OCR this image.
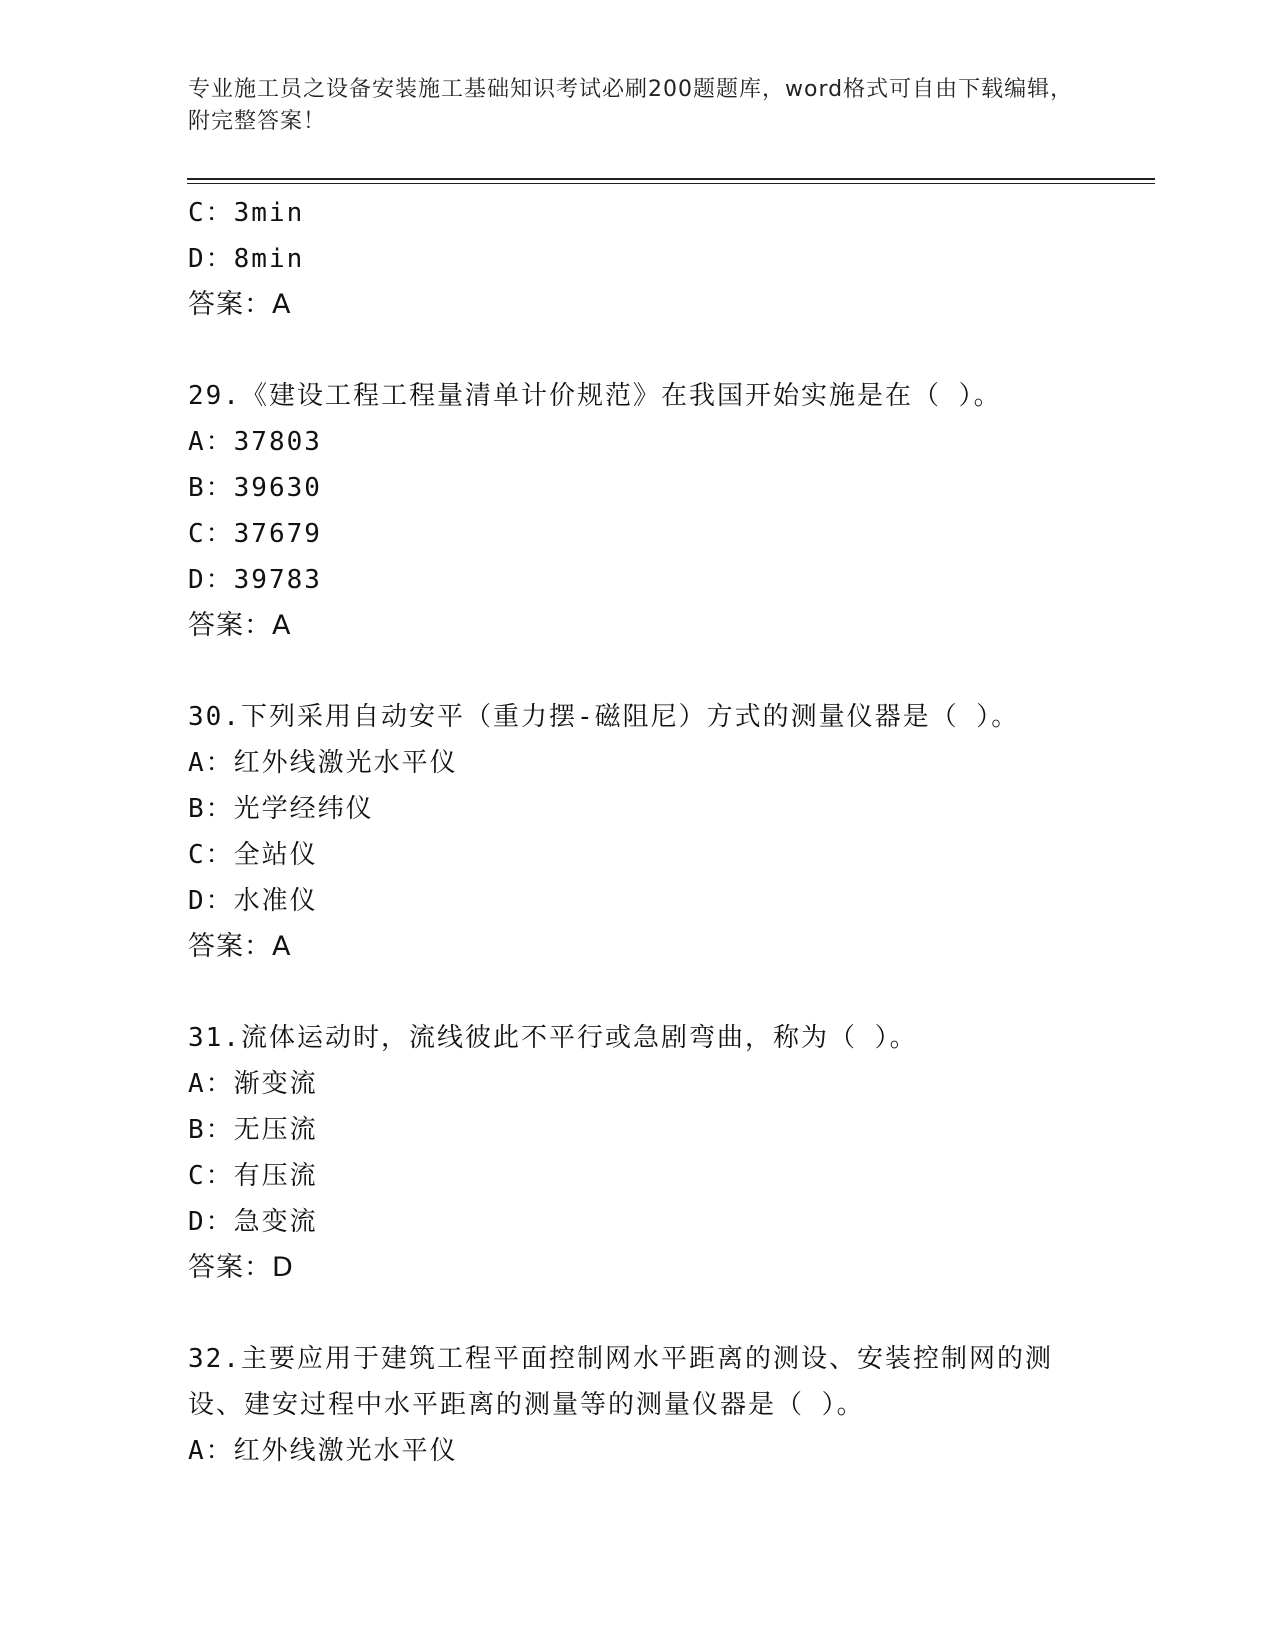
专业施工员之设备安装施工基础知识考试必刷200题题库，word格式可自由下载编辑，附完整答案！
C：3min
D：8min
答案：A
29.《建设工程工程量清单计价规范》在我国开始实施是在（ ）。
A：37803
B：39630
C：37679
D：39783
答案：A
30.下列采用自动安平（重力摆-磁阻尼）方式的测量仪器是（ ）。
A：红外线激光水平仪
B：光学经纬仪
C：全站仪
D：水准仪
答案：A
31.流体运动时，流线彼此不平行或急剧弯曲，称为（ ）。
A：渐变流
B：无压流
C：有压流
D：急变流
答案：D
32.主要应用于建筑工程平面控制网水平距离的测设、安装控制网的测设、建安过程中水平距离的测量等的测量仪器是（ ）。
A：红外线激光水平仪
